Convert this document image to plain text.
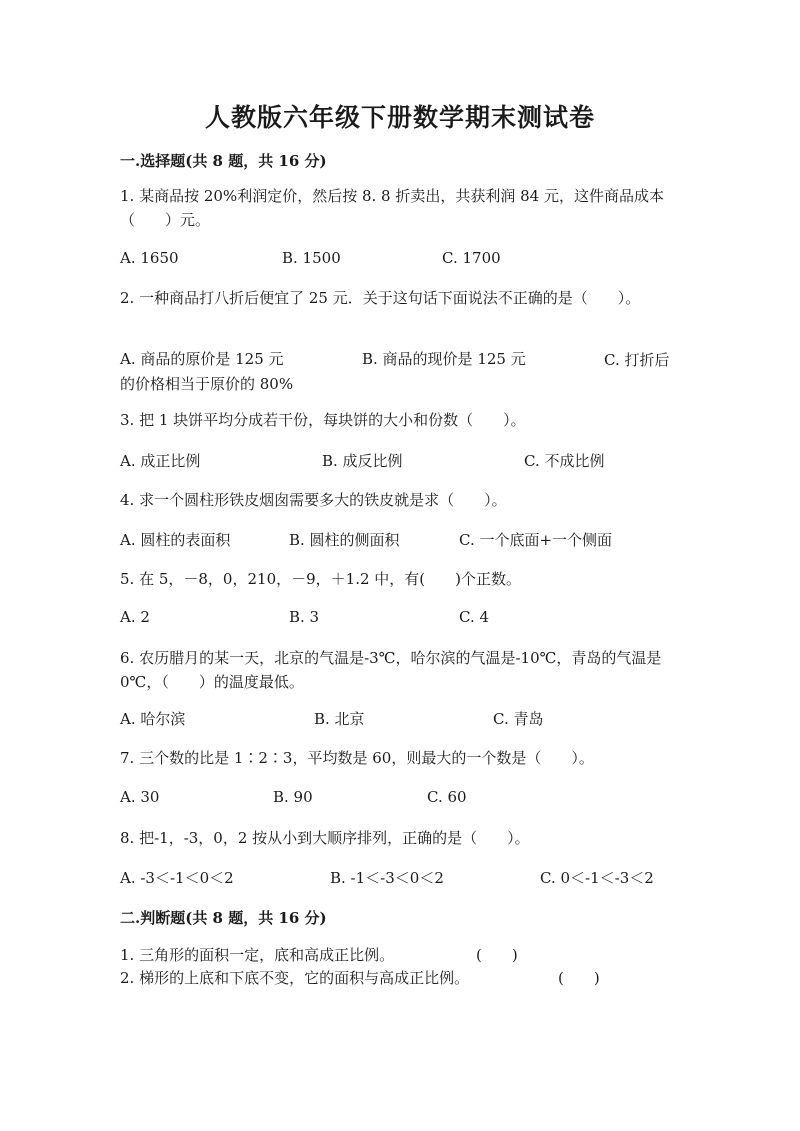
人教版六年级下册数学期末测试卷
一.选择题(共 8 题，共 16 分)
1. 某商品按 20%利润定价，然后按 8. 8 折卖出，共获利润 84 元，这件商品成本（　　）元。
A. 1650	B. 1500	C. 1700
2. 一种商品打八折后便宜了 25 元．关于这句话下面说法不正确的是（　　）。
A. 商品的原价是 125 元	B. 商品的现价是 125 元	C. 打折后的价格相当于原价的 80%
3. 把 1 块饼平均分成若干份，每块饼的大小和份数（　　）。
A. 成正比例	B. 成反比例	C. 不成比例
4. 求一个圆柱形铁皮烟囱需要多大的铁皮就是求（　　）。
A. 圆柱的表面积	B. 圆柱的侧面积	C. 一个底面+一个侧面
5. 在 5，－8，0，210，－9，＋1.2 中，有(　　)个正数。
A. 2	B. 3	C. 4
6. 农历腊月的某一天，北京的气温是-3℃，哈尔滨的气温是-10℃，青岛的气温是 0℃，（　　）的温度最低。
A. 哈尔滨	B. 北京	C. 青岛
7. 三个数的比是 1∶2∶3，平均数是 60，则最大的一个数是（　　）。
A. 30	B. 90	C. 60
8. 把-1，-3，0，2 按从小到大顺序排列，正确的是（　　）。
A. -3＜-1＜0＜2	B. -1＜-3＜0＜2	C. 0＜-1＜-3＜2
二.判断题(共 8 题，共 16 分)
1. 三角形的面积一定，底和高成正比例。	(　　)
2. 梯形的上底和下底不变，它的面积与高成正比例。	(　　)
